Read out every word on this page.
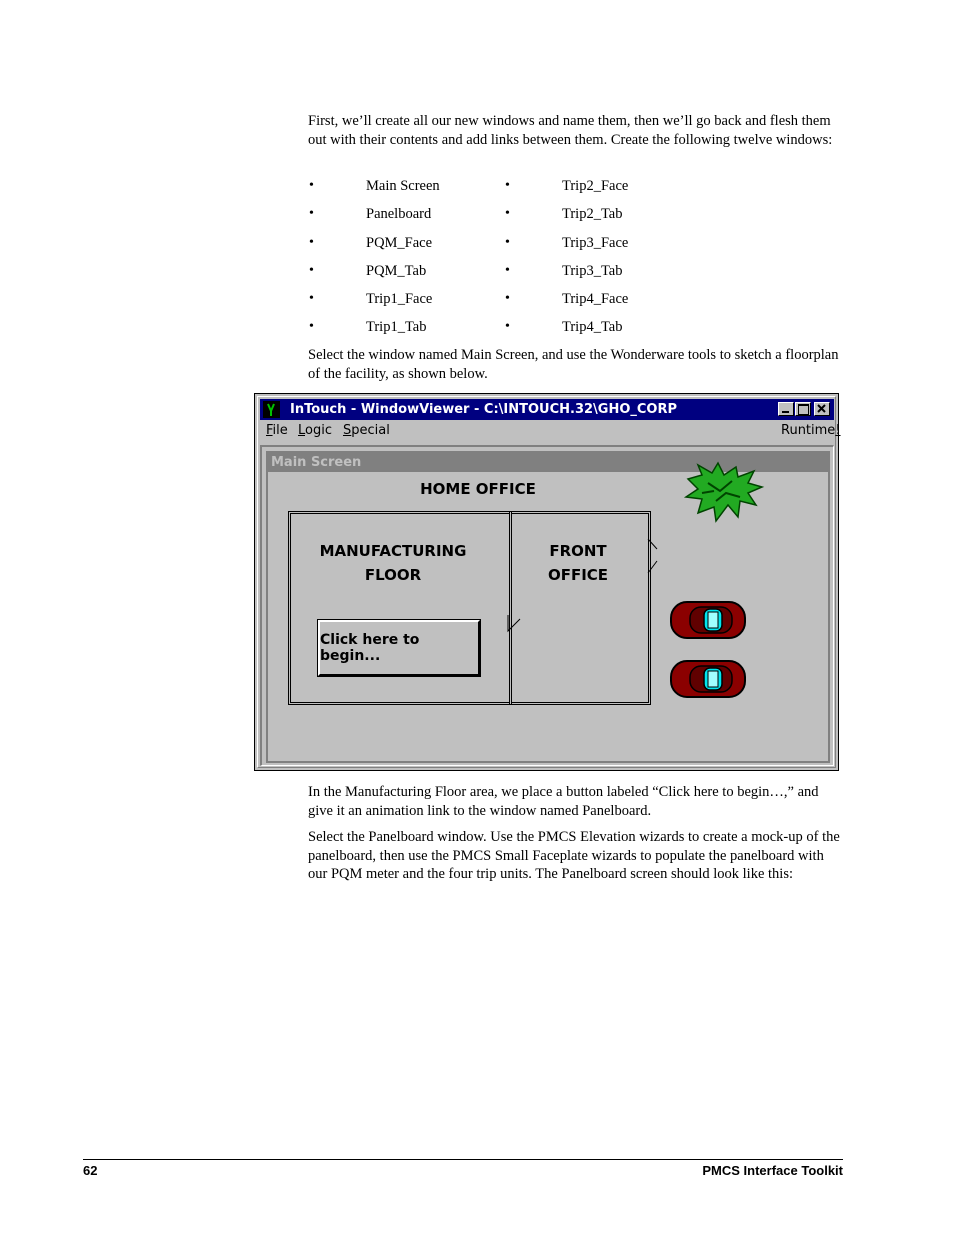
First, we’ll create all our new windows and name them, then we’ll go back and flesh them out with their contents and add links between them. Create the following twelve windows:

•	Main Screen	•	Trip2_Face
•	Panelboard	•	Trip2_Tab
•	PQM_Face	•	Trip3_Face
•	PQM_Tab	•	Trip3_Tab
•	Trip1_Face	•	Trip4_Face
•	Trip1_Tab	•	Trip4_Tab

Select the window named Main Screen, and use the Wonderware tools to sketch a floorplan of the facility, as shown below.

InTouch - WindowViewer - C:\INTOUCH.32\GHO_CORP
File Logic Special	Runtime!
Main Screen
HOME OFFICE
MANUFACTURING
FLOOR
FRONT
OFFICE
Click here to begin...

In the Manufacturing Floor area, we place a button labeled “Click here to begin…,” and give it an animation link to the window named Panelboard.

Select the Panelboard window. Use the PMCS Elevation wizards to create a mock-up of the panelboard, then use the PMCS Small Faceplate wizards to populate the panelboard with our PQM meter and the four trip units. The Panelboard screen should look like this:

62	PMCS Interface Toolkit
